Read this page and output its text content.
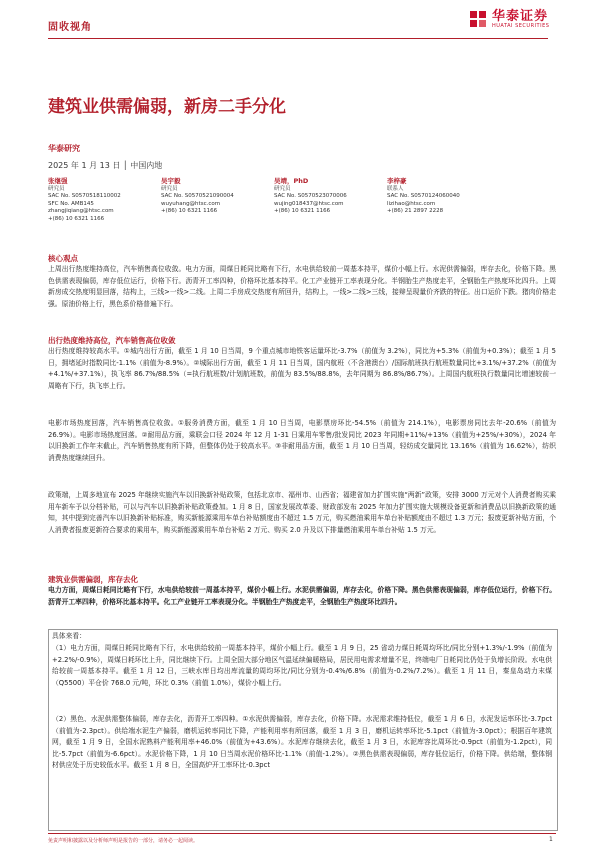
固收视角
华泰证券
HUATAI SECURITIES
建筑业供需偏弱，新房二手分化
华泰研究
2025 年 1 月 13 日 │ 中国内地
张继强
研究员
SAC No. S0570518110002
SFC No. AMB145
zhangjiqiang@htsc.com
+(86) 10 6321 1166
吴宇毅
研究员
SAC No. S0570521090004
wuyuhang@htsc.com
+(86) 10 6321 1166
吴靖，PhD
研究员
SAC No. S0570523070006
wujing018437@htsc.com
+(86) 10 6321 1166
李梓豪
联系人
SAC No. S0570124060040
lizihao@htsc.com
+(86) 21 2897 2228
核心观点
上周出行热度维持高位，汽车销售高位收敛。电力方面，周煤日耗同比略有下行，水电供给较前一周基本持平，煤价小幅上行。水泥供需偏弱，库存去化，价格下降。黑色供需表现偏弱，库存低位运行，价格下行。沥青开工率四种，价格环比基本持平。化工产业链开工率表现分化。半钢胎生产热度走平，全钢胎生产热度环比四升。上周新房成交热度明显回落，结构上，三线>一线>二线。上周二手房成交热度有所回升，结构上，一线>二线>三线，接辩呈现量价齐跌的特征。出口运价下跌。猪肉价格走强。原油价格上行，黑色系价格普遍下行。
出行热度维持高位，汽车销售高位收敛
出行热度维持较高水平。①城内出行方面，截至 1 月 10 日当周，9 个重点城市地铁客运量环比-3.7%（前值为 3.2%），同比为+5.3%（前值为+0.3%）；截至 1 月 5 日，拥堵延时指数同比-1.1%（前值为-8.9%）。②城际出行方面，截至 1 月 11 日当周，国内航班（不含港澳台）/国际航班执行航班数量同比+3.1%/+37.2%（前值为+4.1%/+37.1%），执飞率 86.7%/88.5%（=执行航班数/计划航班数，前值为 83.5%/88.8%，去年同期为 86.8%/86.7%）。上周国内航班执行数量同比增速较前一周略有下行，执飞率上行。
电影市场热度回落，汽车销售高位收敛。①服务消费方面，截至 1 月 10 日当周，电影票房环比-54.5%（前值为 214.1%），电影票房同比去年-20.6%（前值为 26.9%）。电影市场热度回落。②耐用品方面，乘联会口径 2024 年 12 月 1-31 日乘用车零售/批发同比 2023 年同期+11%/+13%（前值为+25%/+30%），2024 年以旧换新工作年末截止，汽车销售热度有所下降，但整体仍处于较高水平。③非耐用品方面，截至 1 月 10 日当周，轻纺成交量同比 13.16%（前值为 16.62%），纺织消费热度继续回升。
政策端，上周多地宣布 2025 年继续实施汽车以旧换新补贴政策，包括北京市、福州市、山西省；福建省加力扩围实施“两新”政策，安排 3000 万元对个人消费者购买乘用车新车予以分档补贴，可以与汽车以旧换新补贴政策叠加。1 月 8 日，国家发展改革委、财政部发布 2025 年加力扩围实施大规模设备更新和消费品以旧换新政策的通知，其中提到完善汽车以旧换新补贴标准，购买新能源乘用车单台补贴额度由不超过 1.5 万元，购买燃油乘用车单台补贴额度由不超过 1.3 万元；报废更新补贴方面，个人消费者报废更新符合要求的乘用车，购买新能源乘用车单台补贴 2 万元、购买 2.0 升及以下排量燃油乘用车单台补贴 1.5 万元。
建筑业供需偏弱，库存去化
电力方面，周煤日耗同比略有下行，水电供给较前一周基本持平，煤价小幅上行。水泥供需偏弱，库存去化，价格下降。黑色供需表现偏弱，库存低位运行，价格下行。沥青开工率四种，价格环比基本持平。化工产业链开工率表现分化。半钢胎生产热度走平，全钢胎生产热度环比四升。
具体来看：
（1）电力方面，周煤日耗同比略有下行，水电供给较前一周基本持平，煤价小幅上行。截至 1 月 9 日，25 省动力煤日耗周均环比/同比分别+1.3%/-1.9%（前值为+2.2%/-0.9%），周煤日耗环比上升，同比继续下行。上周全国大部分地区气温延续偏暖格局，居民用电需求增量不足，终端电厂日耗同比仍处于负增长阶段。水电供给较前一周基本持平。截至 1 月 12 日，三峡水库日均出库流量的周均环比/同比分别为-0.4%/6.8%（前值为-0.2%/7.2%）。截至 1 月 11 日，秦皇岛动力末煤（Q5500）平仓价 768.0 元/吨，环比 0.3%（前值 1.0%），煤价小幅上行。
（2）黑色、水泥供需整体偏弱，库存去化，沥青开工率四种。①水泥供需偏弱，库存去化，价格下降。水泥需求维持低位，截至 1 月 6 日，水泥发运率环比-3.7pct（前值为-2.3pct）。供给端水泥生产偏弱，磨机运转率同比下降，产能利用率有所回落，截至 1 月 3 日，磨机运转率环比-5.1pct（前值为-3.0pct）；根据百年建筑网，截至 1 月 9 日，全国水泥熟料产能利用率+46.0%（前值为+43.6%）。水泥库存继续去化，截至 1 月 3 日，水泥库容比周环比-0.9pct（前值为-1.2pct），同比-5.7pct（前值为-6.6pct）。水泥价格下降，1 月 10 日当周水泥价格环比-1.1%（前值-1.2%）。②黑色供需表现偏弱，库存低位运行，价格下降。供给端，整体钢材供应处于历史较低水平。截至 1 月 8 日，全国高炉开工率环比-0.3pct
免责声明和披露以及分析师声明是报告的一部分，请务必一起阅读。	1
